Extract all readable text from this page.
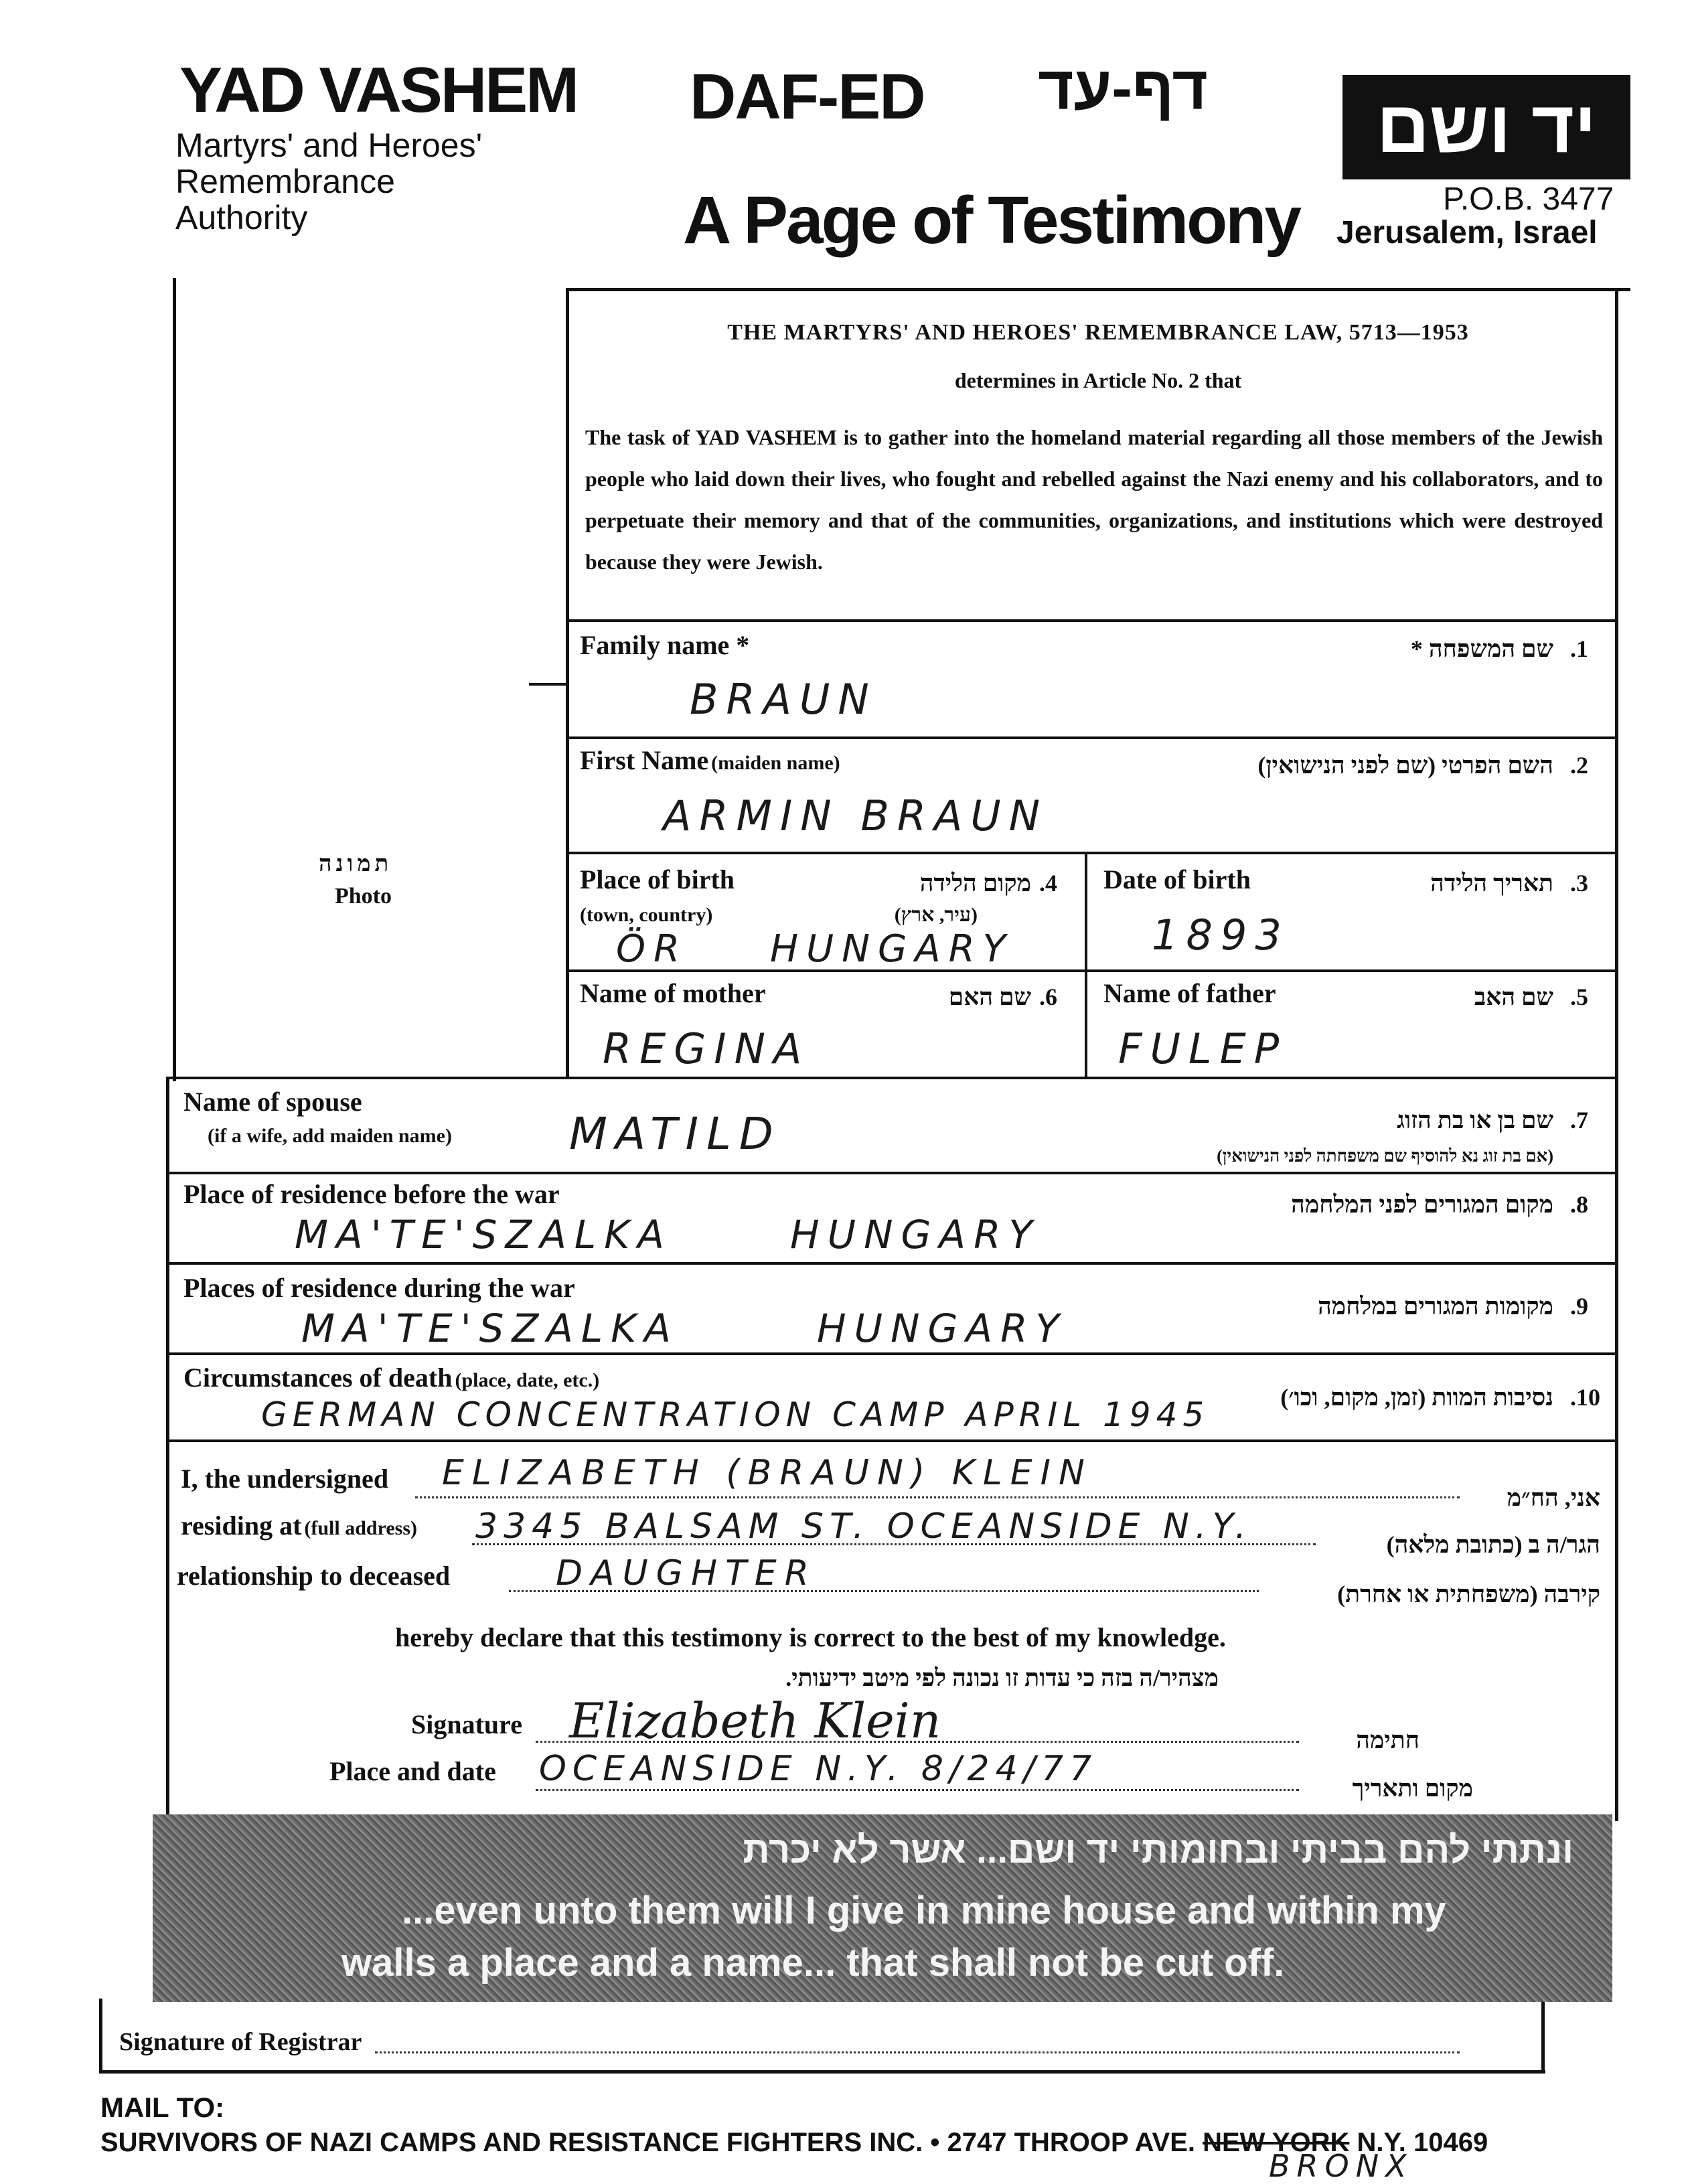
YAD VASHEM
Martyrs' and Heroes'
Remembrance
Authority
DAF-ED דף-עד	יד ושם
A Page of Testimony	P.O.B. 3477
Jerusalem, Israel
THE MARTYRS' AND HEROES' REMEMBRANCE LAW, 5713—1953
determines in Article No. 2 that
The task of YAD VASHEM is to gather into the homeland material regarding all those members of the Jewish people who laid down their lives, who fought and rebelled against the Nazi enemy and his collaborators, and to perpetuate their memory and that of the communities, organizations, and institutions which were destroyed because they were Jewish.
תמונה
Photo
Family name *	שם המשפחה * .1
BRAUN
First Name (maiden name)	השם הפרטי (שם לפני הנישואין) .2
ARMIN BRAUN
Place of birth
(town, country)
מקום הלידה .4
(עיר, ארץ)
ÖR HUNGARY
Date of birth	תאריך הלידה .3
1893
Name of mother	שם האם .6
REGINA
Name of father	שם האב .5
FULEP
Name of spouse
(if a wife, add maiden name)
שם בן או בת הזוג .7
(אם בת זוג נא להוסיף שם משפחתה לפני הנישואין)
MATILD
Place of residence before the war	מקום המגורים לפני המלחמה .8
MA'TE'SZALKA	HUNGARY
Places of residence during the war
מקומות המגורים במלחמה .9
MA'TE'SZALKA	HUNGARY
Circumstances of death (place, date, etc.)
נסיבות המוות (זמן, מקום, וכו׳) .10
GERMAN CONCENTRATION CAMP APRIL 1945
I, the undersigned ELIZABETH (BRAUN) KLEIN
אני, הח״מ
residing at (full address) 3345 BALSAM ST. OCEANSIDE N.Y.	הגר/ה ב (כתובת מלאה)
relationship to deceased	DAUGHTER
קירבה (משפחתית או אחרת)
hereby declare that this testimony is correct to the best of my knowledge.
מצהיר/ה בזה כי עדות זו נכונה לפי מיטב ידיעותי.
Signature Elizabeth Klein	חתימה
Place and date OCEANSIDE N.Y. 8/24/77	מקום ותאריך
ונתתי להם בביתי ובחומותי יד ושם... אשר לא יכרת
...even unto them will I give in mine house and within my
walls a place and a name... that shall not be cut off.
Signature of Registrar
MAIL TO:
SURVIVORS OF NAZI CAMPS AND RESISTANCE FIGHTERS INC. • 2747 THROOP AVE. NEW YORK N.Y. 10469
BRONX
